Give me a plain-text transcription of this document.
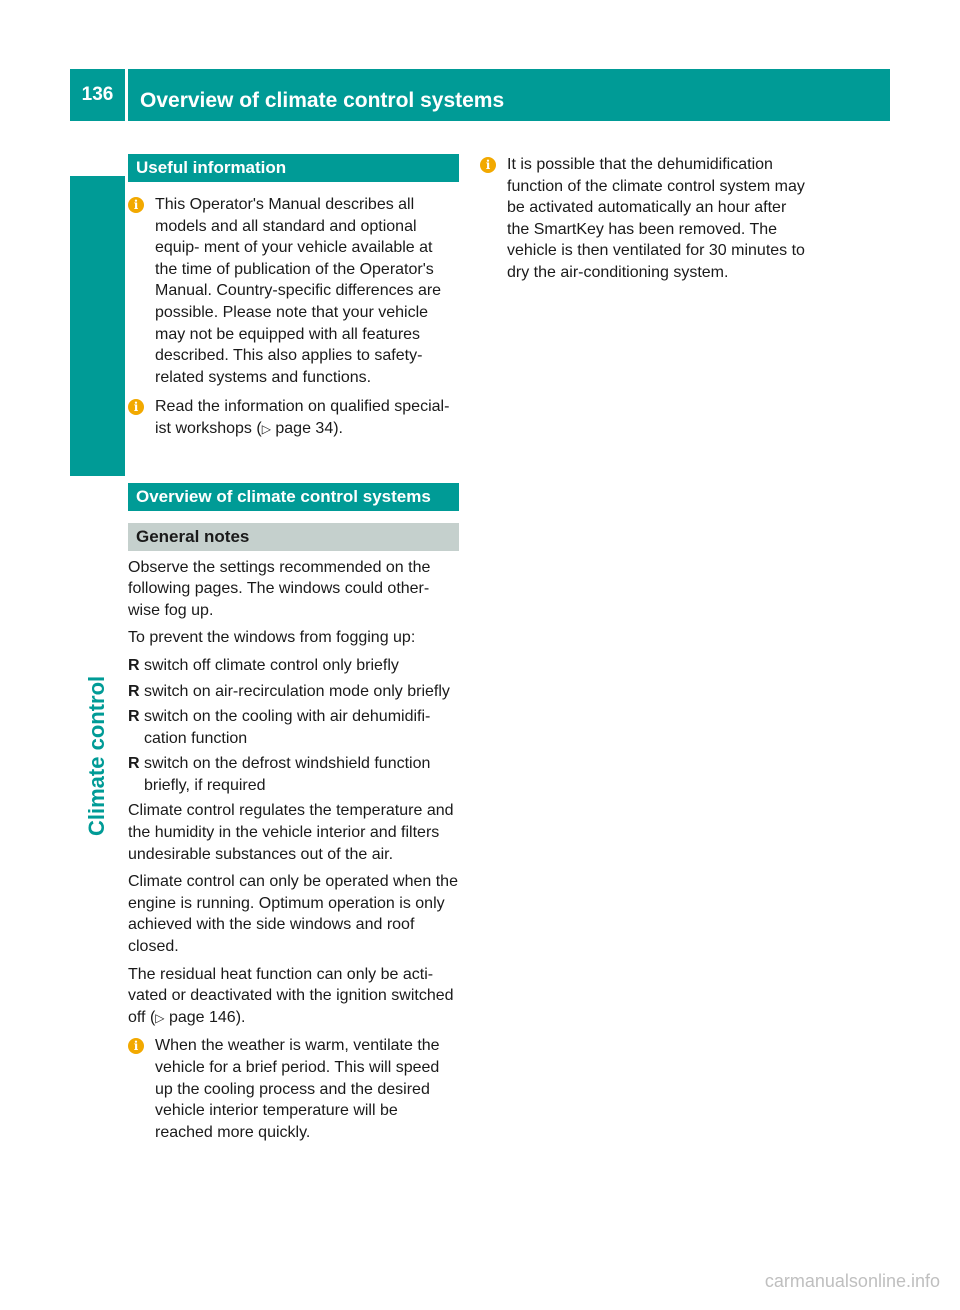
136	Overview of climate control systems
Climate control
Useful information
i	This Operator's Manual describes all models and all standard and optional equip- ment of your vehicle available at the time of publication of the Operator's Manual. Country-specific differences are possible. Please note that your vehicle may not be equipped with all features described. This also applies to safety-related systems and functions.
i	Read the information on qualified special- ist workshops (▷ page 34).
Overview of climate control systems
General notes

Observe the settings recommended on the following pages. The windows could other- wise fog up.

To prevent the windows from fogging up:

R switch off climate control only briefly
R switch on air-recirculation mode only briefly
R switch on the cooling with air dehumidifi- cation function
R switch on the defrost windshield function briefly, if required

Climate control regulates the temperature and the humidity in the vehicle interior and filters undesirable substances out of the air.

Climate control can only be operated when the engine is running. Optimum operation is only achieved with the side windows and roof closed.

The residual heat function can only be acti- vated or deactivated with the ignition switched off (▷ page 146).

i	When the weather is warm, ventilate the vehicle for a brief period. This will speed up the cooling process and the desired vehicle interior temperature will be reached more quickly.
i	It is possible that the dehumidification function of the climate control system may be activated automatically an hour after the SmartKey has been removed. The vehicle is then ventilated for 30 minutes to dry the air-conditioning system.
carmanualsonline.info
